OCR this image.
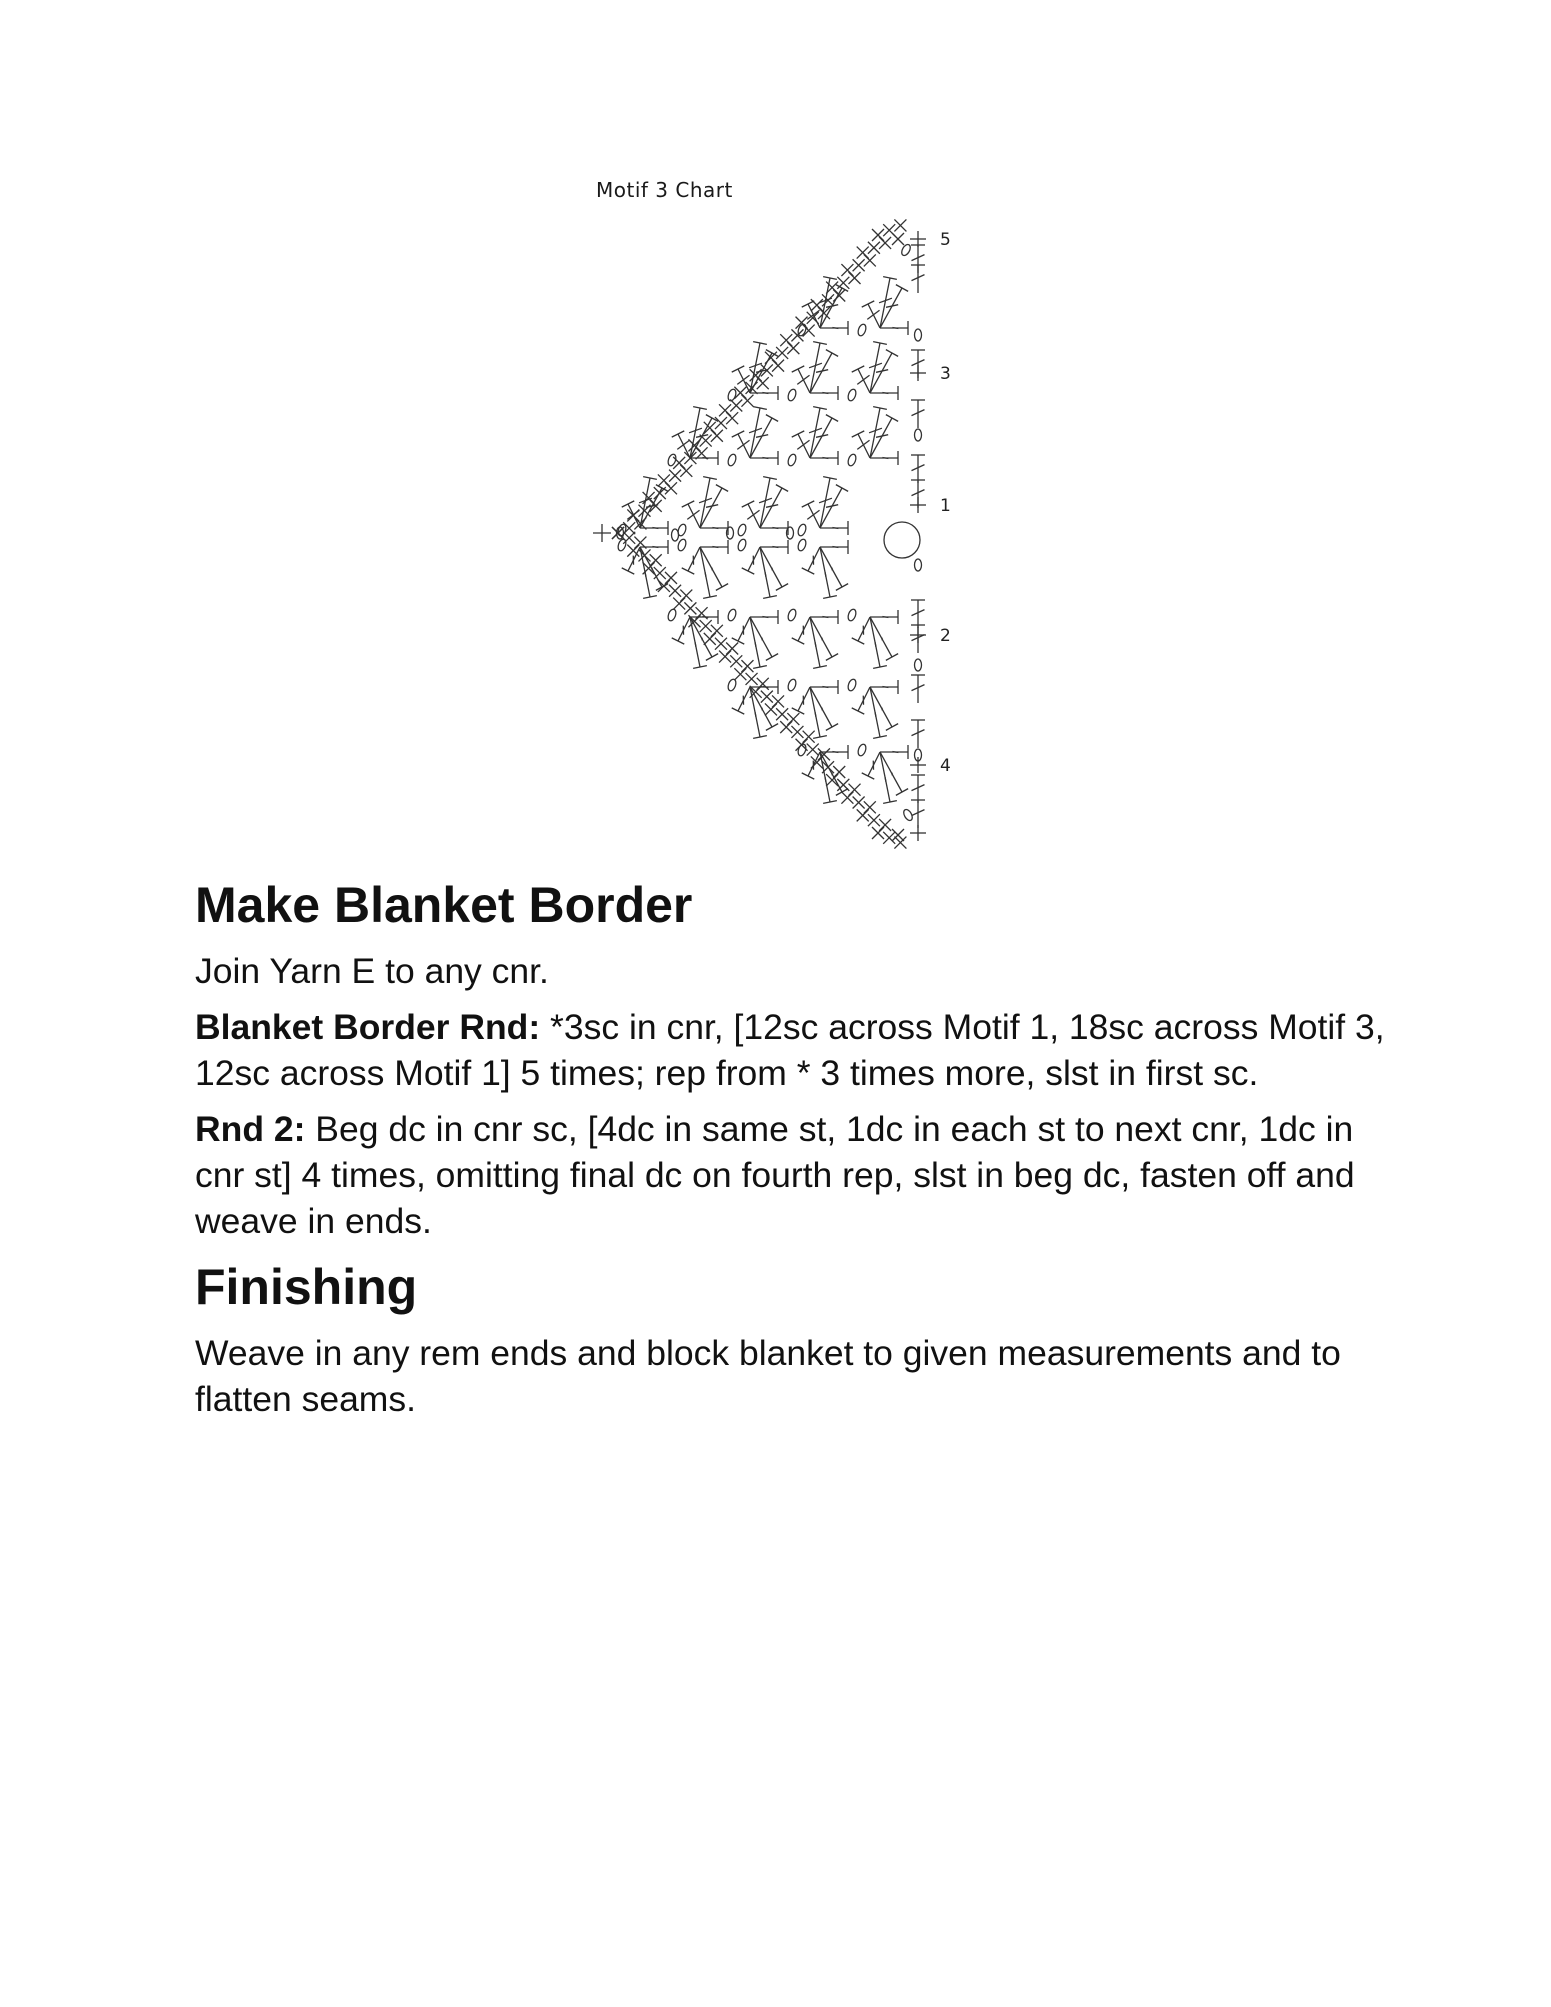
Motif 3 Chart
5
3
1
2
4
Make Blanket Border

Join Yarn E to any cnr.

Blanket Border Rnd: *3sc in cnr, [12sc across Motif 1, 18sc across Motif 3, 12sc across Motif 1] 5 times; rep from * 3 times more, slst in first sc.

Rnd 2: Beg dc in cnr sc, [4dc in same st, 1dc in each st to next cnr, 1dc in cnr st] 4 times, omitting final dc on fourth rep, slst in beg dc, fasten off and weave in ends.

Finishing

Weave in any rem ends and block blanket to given measurements and to flatten seams.
